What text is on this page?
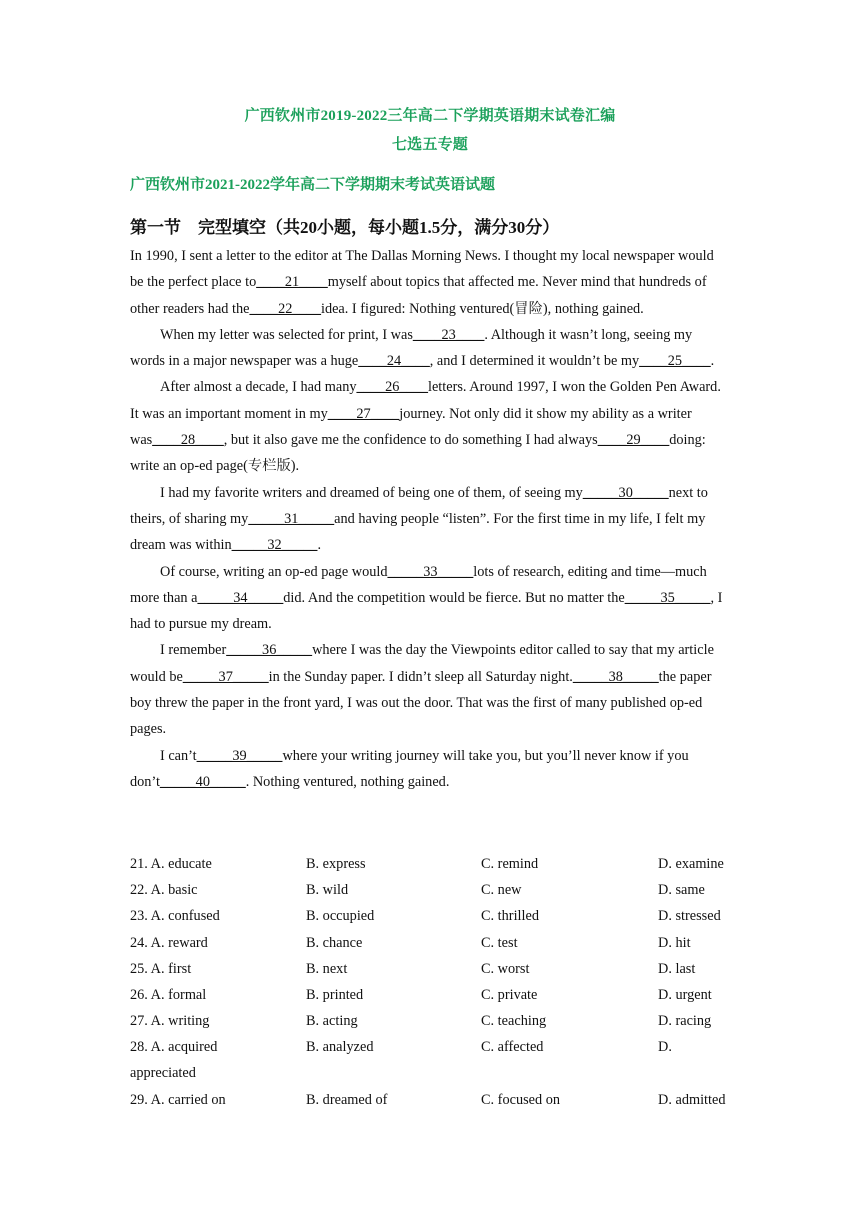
广西钦州市2019-2022三年高二下学期英语期末试卷汇编
七选五专题
广西钦州市2021-2022学年高二下学期期末考试英语试题
第一节　完型填空（共20小题，每小题1.5分，满分30分）

In 1990, I sent a letter to the editor at The Dallas Morning News. I thought my local newspaper would be the perfect place to____21____myself about topics that affected me. Never mind that hundreds of other readers had the____22____idea. I figured: Nothing ventured(冒险), nothing gained.

When my letter was selected for print, I was____23____. Although it wasn’t long, seeing my words in a major newspaper was a huge____24____, and I determined it wouldn’t be my____25____.

After almost a decade, I had many____26____letters. Around 1997, I won the Golden Pen Award. It was an important moment in my____27____journey. Not only did it show my ability as a writer was____28____, but it also gave me the confidence to do something I had always____29____doing: write an op-ed page(专栏版).

I had my favorite writers and dreamed of being one of them, of seeing my_____30_____next to theirs, of sharing my_____31_____and having people “listen”. For the first time in my life, I felt my dream was within_____32_____.

Of course, writing an op-ed page would_____33_____lots of research, editing and time—much more than a_____34_____did. And the competition would be fierce. But no matter the_____35_____, I had to pursue my dream.

I remember_____36_____where I was the day the Viewpoints editor called to say that my article would be_____37_____in the Sunday paper. I didn’t sleep all Saturday night._____38_____the paper boy threw the paper in the front yard, I was out the door. That was the first of many published op-ed pages.

I can’t_____39_____where your writing journey will take you, but you’ll never know if you don’t_____40_____. Nothing ventured, nothing gained.

21. A. educate	B. express	C. remind	D. examine
22. A. basic	B. wild	C. new	D. same
23. A. confused	B. occupied	C. thrilled	D. stressed
24. A. reward	B. chance	C. test	D. hit
25. A. first	B. next	C. worst	D. last
26. A. formal	B. printed	C. private	D. urgent
27. A. writing	B. acting	C. teaching	D. racing
28. A. acquired	B. analyzed	C. affected	D.
appreciated
29. A. carried on	B. dreamed of	C. focused on	D. admitted
